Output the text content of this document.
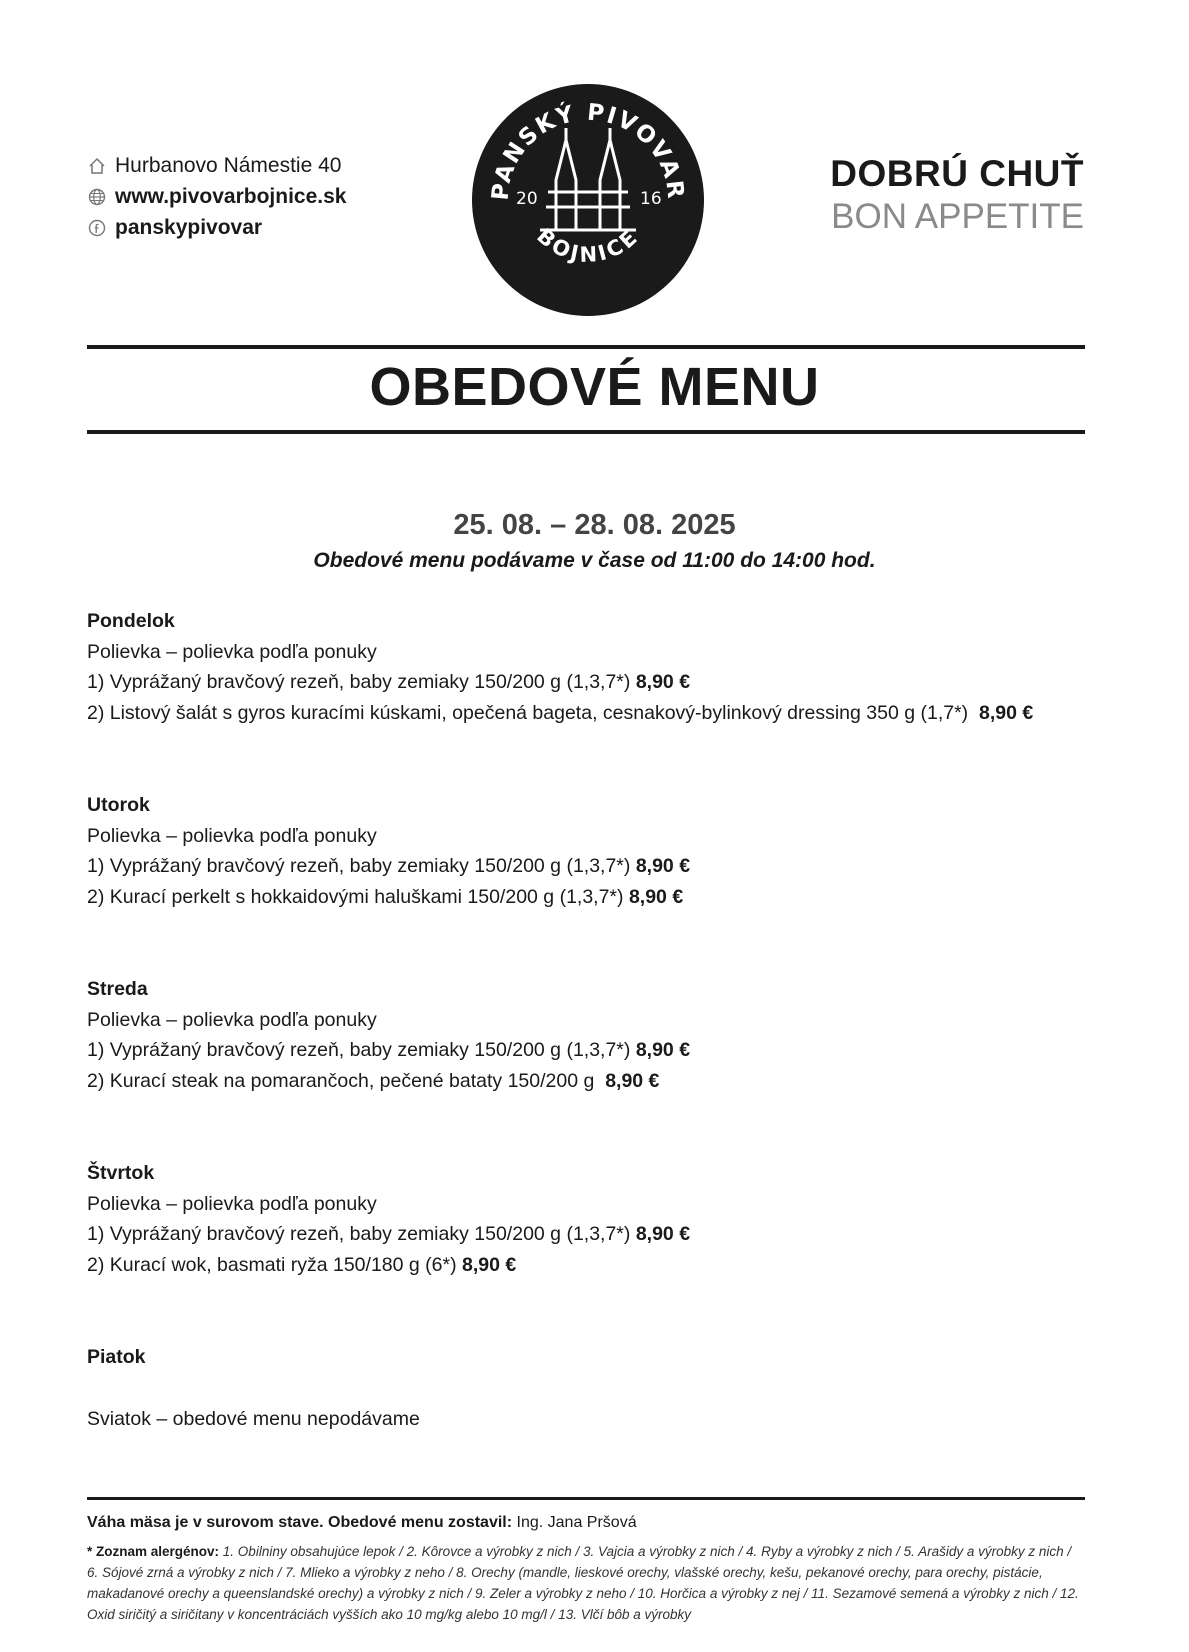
Hurbanovo Námestie 40
www.pivovarbojnice.sk
panskypivovar
PANSKÝ PIVOVAR
BOJNICE
20	16
DOBRÚ CHUŤ
BON APPETITE
OBEDOVÉ MENU
25. 08. – 28. 08. 2025
Obedové menu podávame v čase od 11:00 do 14:00 hod.
Pondelok
Polievka – polievka podľa ponuky
1) Vyprážaný bravčový rezeň, baby zemiaky 150/200 g (1,3,7*) 8,90 €
2) Listový šalát s gyros kuracími kúskami, opečená bageta, cesnakový-bylinkový dressing 350 g (1,7*) 8,90 €
Utorok
Polievka – polievka podľa ponuky
1) Vyprážaný bravčový rezeň, baby zemiaky 150/200 g (1,3,7*) 8,90 €
2) Kurací perkelt s hokkaidovými haluškami 150/200 g (1,3,7*) 8,90 €
Streda
Polievka – polievka podľa ponuky
1) Vyprážaný bravčový rezeň, baby zemiaky 150/200 g (1,3,7*) 8,90 €
2) Kurací steak na pomarančoch, pečené bataty 150/200 g 8,90 €
Štvrtok
Polievka – polievka podľa ponuky
1) Vyprážaný bravčový rezeň, baby zemiaky 150/200 g (1,3,7*) 8,90 €
2) Kurací wok, basmati ryža 150/180 g (6*) 8,90 €
Piatok
Sviatok – obedové menu nepodávame
Váha mäsa je v surovom stave. Obedové menu zostavil: Ing. Jana Pršová
* Zoznam alergénov: 1. Obilniny obsahujúce lepok / 2. Kôrovce a výrobky z nich / 3. Vajcia a výrobky z nich / 4. Ryby a výrobky z nich / 5. Arašidy a výrobky z nich / 6. Sójové zrná a výrobky z nich / 7. Mlieko a výrobky z neho / 8. Orechy (mandle, lieskové orechy, vlašské orechy, kešu, pekanové orechy, para orechy, pistácie, makadanové orechy a queenslandské orechy) a výrobky z nich / 9. Zeler a výrobky z neho / 10. Horčica a výrobky z nej / 11. Sezamové semená a výrobky z nich / 12. Oxid siričitý a siričitany v koncentráciách vyšších ako 10 mg/kg alebo 10 mg/l / 13. Vlčí bôb a výrobky
